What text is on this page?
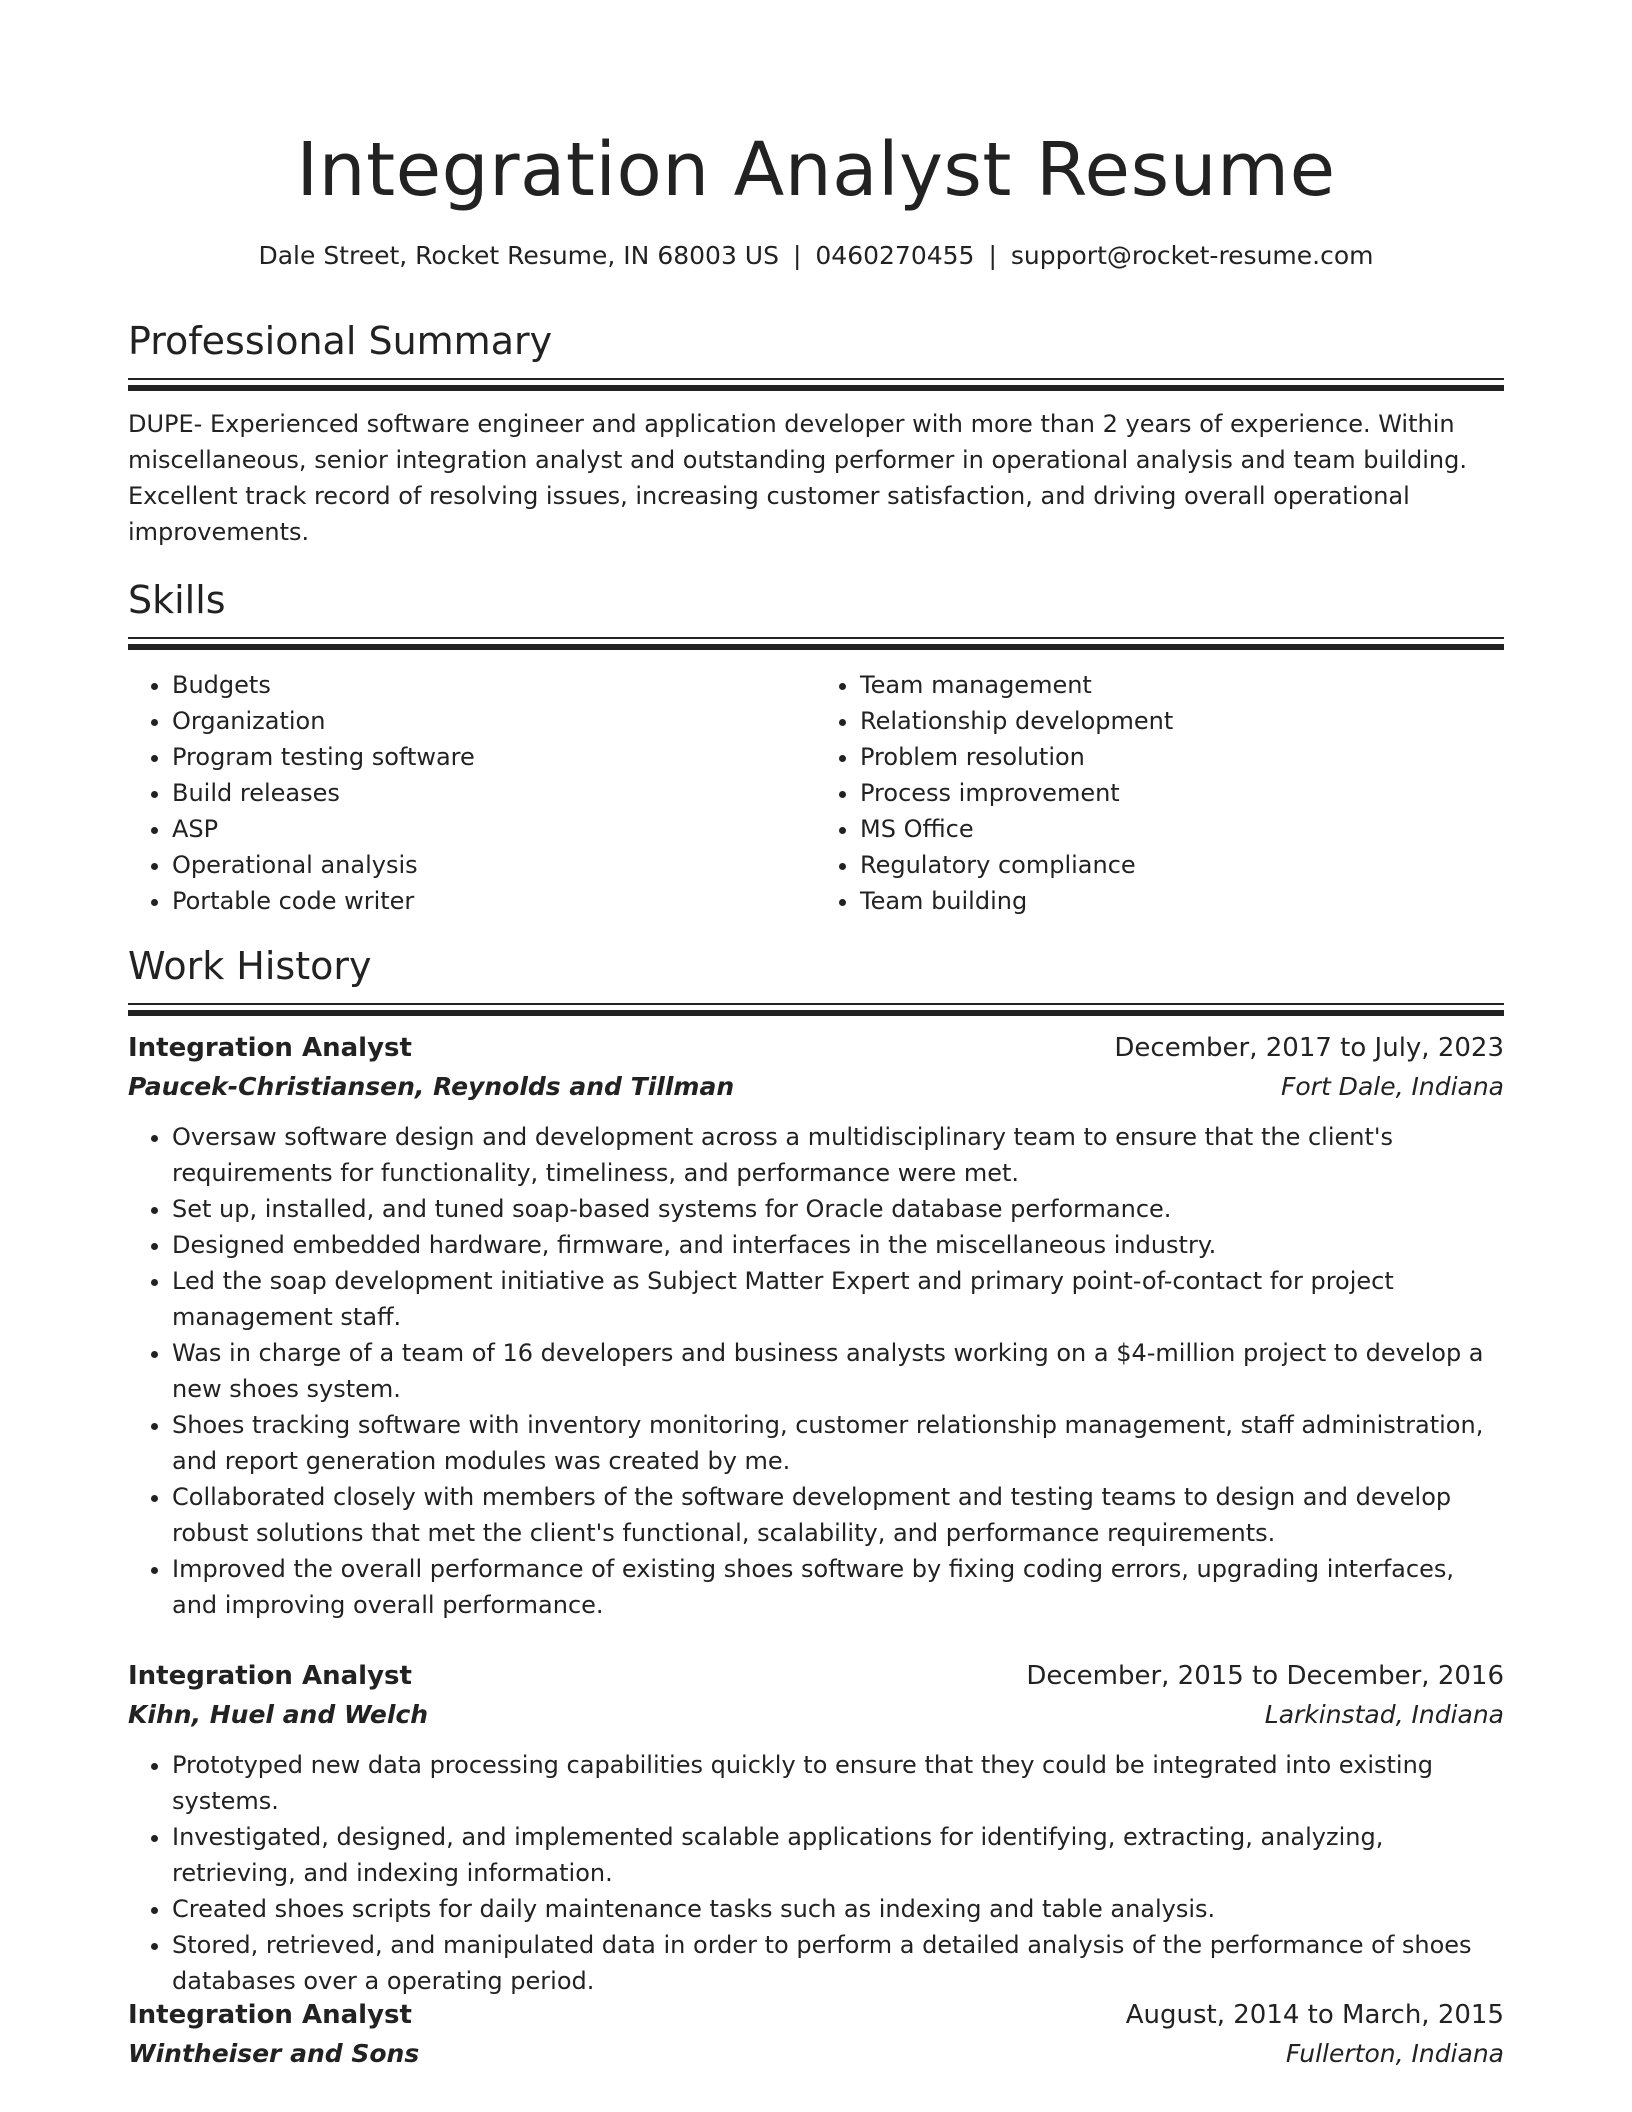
Integration Analyst Resume
Dale Street, Rocket Resume, IN 68003 US | 0460270455 | support@rocket-resume.com
Professional Summary
DUPE- Experienced software engineer and application developer with more than 2 years of experience. Within miscellaneous, senior integration analyst and outstanding performer in operational analysis and team building. Excellent track record of resolving issues, increasing customer satisfaction, and driving overall operational improvements.
Skills
• Budgets
• Organization
• Program testing software
• Build releases
• ASP
• Operational analysis
• Portable code writer
• Team management
• Relationship development
• Problem resolution
• Process improvement
• MS Office
• Regulatory compliance
• Team building
Work History
Integration Analyst	December, 2017 to July, 2023
Paucek-Christiansen, Reynolds and Tillman	Fort Dale, Indiana
• Oversaw software design and development across a multidisciplinary team to ensure that the client's requirements for functionality, timeliness, and performance were met.
• Set up, installed, and tuned soap-based systems for Oracle database performance.
• Designed embedded hardware, firmware, and interfaces in the miscellaneous industry.
• Led the soap development initiative as Subject Matter Expert and primary point-of-contact for project management staff.
• Was in charge of a team of 16 developers and business analysts working on a $4-million project to develop a new shoes system.
• Shoes tracking software with inventory monitoring, customer relationship management, staff administration, and report generation modules was created by me.
• Collaborated closely with members of the software development and testing teams to design and develop robust solutions that met the client's functional, scalability, and performance requirements.
• Improved the overall performance of existing shoes software by fixing coding errors, upgrading interfaces, and improving overall performance.
Integration Analyst	December, 2015 to December, 2016
Kihn, Huel and Welch	Larkinstad, Indiana
• Prototyped new data processing capabilities quickly to ensure that they could be integrated into existing systems.
• Investigated, designed, and implemented scalable applications for identifying, extracting, analyzing, retrieving, and indexing information.
• Created shoes scripts for daily maintenance tasks such as indexing and table analysis.
• Stored, retrieved, and manipulated data in order to perform a detailed analysis of the performance of shoes databases over a operating period.
Integration Analyst	August, 2014 to March, 2015
Wintheiser and Sons	Fullerton, Indiana
